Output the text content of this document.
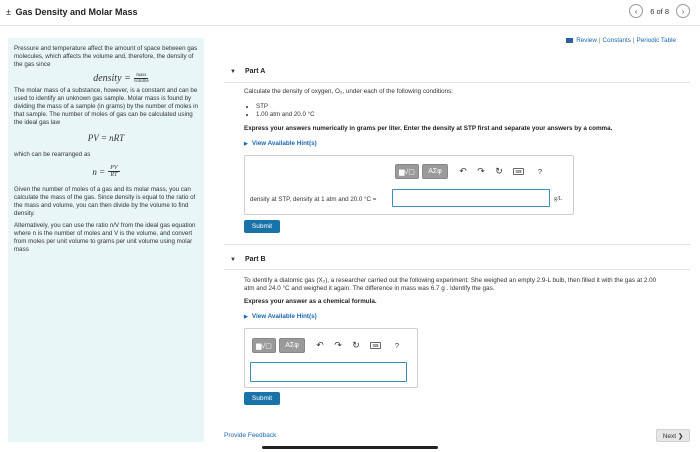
± Gas Density and Molar Mass	‹ 6 of 8 ›
Review | Constants | Periodic Table

Pressure and temperature affect the amount of space between gas molecules, which affects the volume and, therefore, the density of the gas since

density = $\frac{\text{mass}}{\text{volume}}$

The molar mass of a substance, however, is a constant and can be used to identify an unknown gas sample. Molar mass is found by dividing the mass of a sample (in grams) by the number of moles in that sample. The number of moles of gas can be calculated using the ideal gas law

PV = nRT

which can be rearranged as

$n = \frac{PV}{RT}$

Given the number of moles of a gas and its molar mass, you can calculate the mass of the gas. Since density is equal to the ratio of the mass and volume, you can then divide by the volume to find density.

Alternatively, you can use the ratio n/V from the ideal gas equation where n is the number of moles and V is the volume, and convert from moles per unit volume to grams per unit volume using molar mass

▼ Part A
Calculate the density of oxygen, O₂, under each of the following conditions:
• STP
• 1.00 atm and 20.0 °C
Express your answers numerically in grams per liter. Enter the density at STP first and separate your answers by a comma.
▶ View Available Hint(s)
▆√▢ ΑΣφ ↶ ↷ ↻	⌨	?
density at STP, density at 1 atm and 20.0 °C =	g/L
Submit
▼ Part B
To identify a diatomic gas (X₂), a researcher carried out the following experiment: She weighed an empty 2.9-L bulb, then filled it with the gas at 2.00
atm and 24.0 °C and weighed it again. The difference in mass was 6.7 g . Identify the gas.
Express your answer as a chemical formula.
▶ View Available Hint(s)
▆√▢ ΑΣφ ↶ ↷ ↻	⌨	?
Submit
Provide Feedback	Next ❯
